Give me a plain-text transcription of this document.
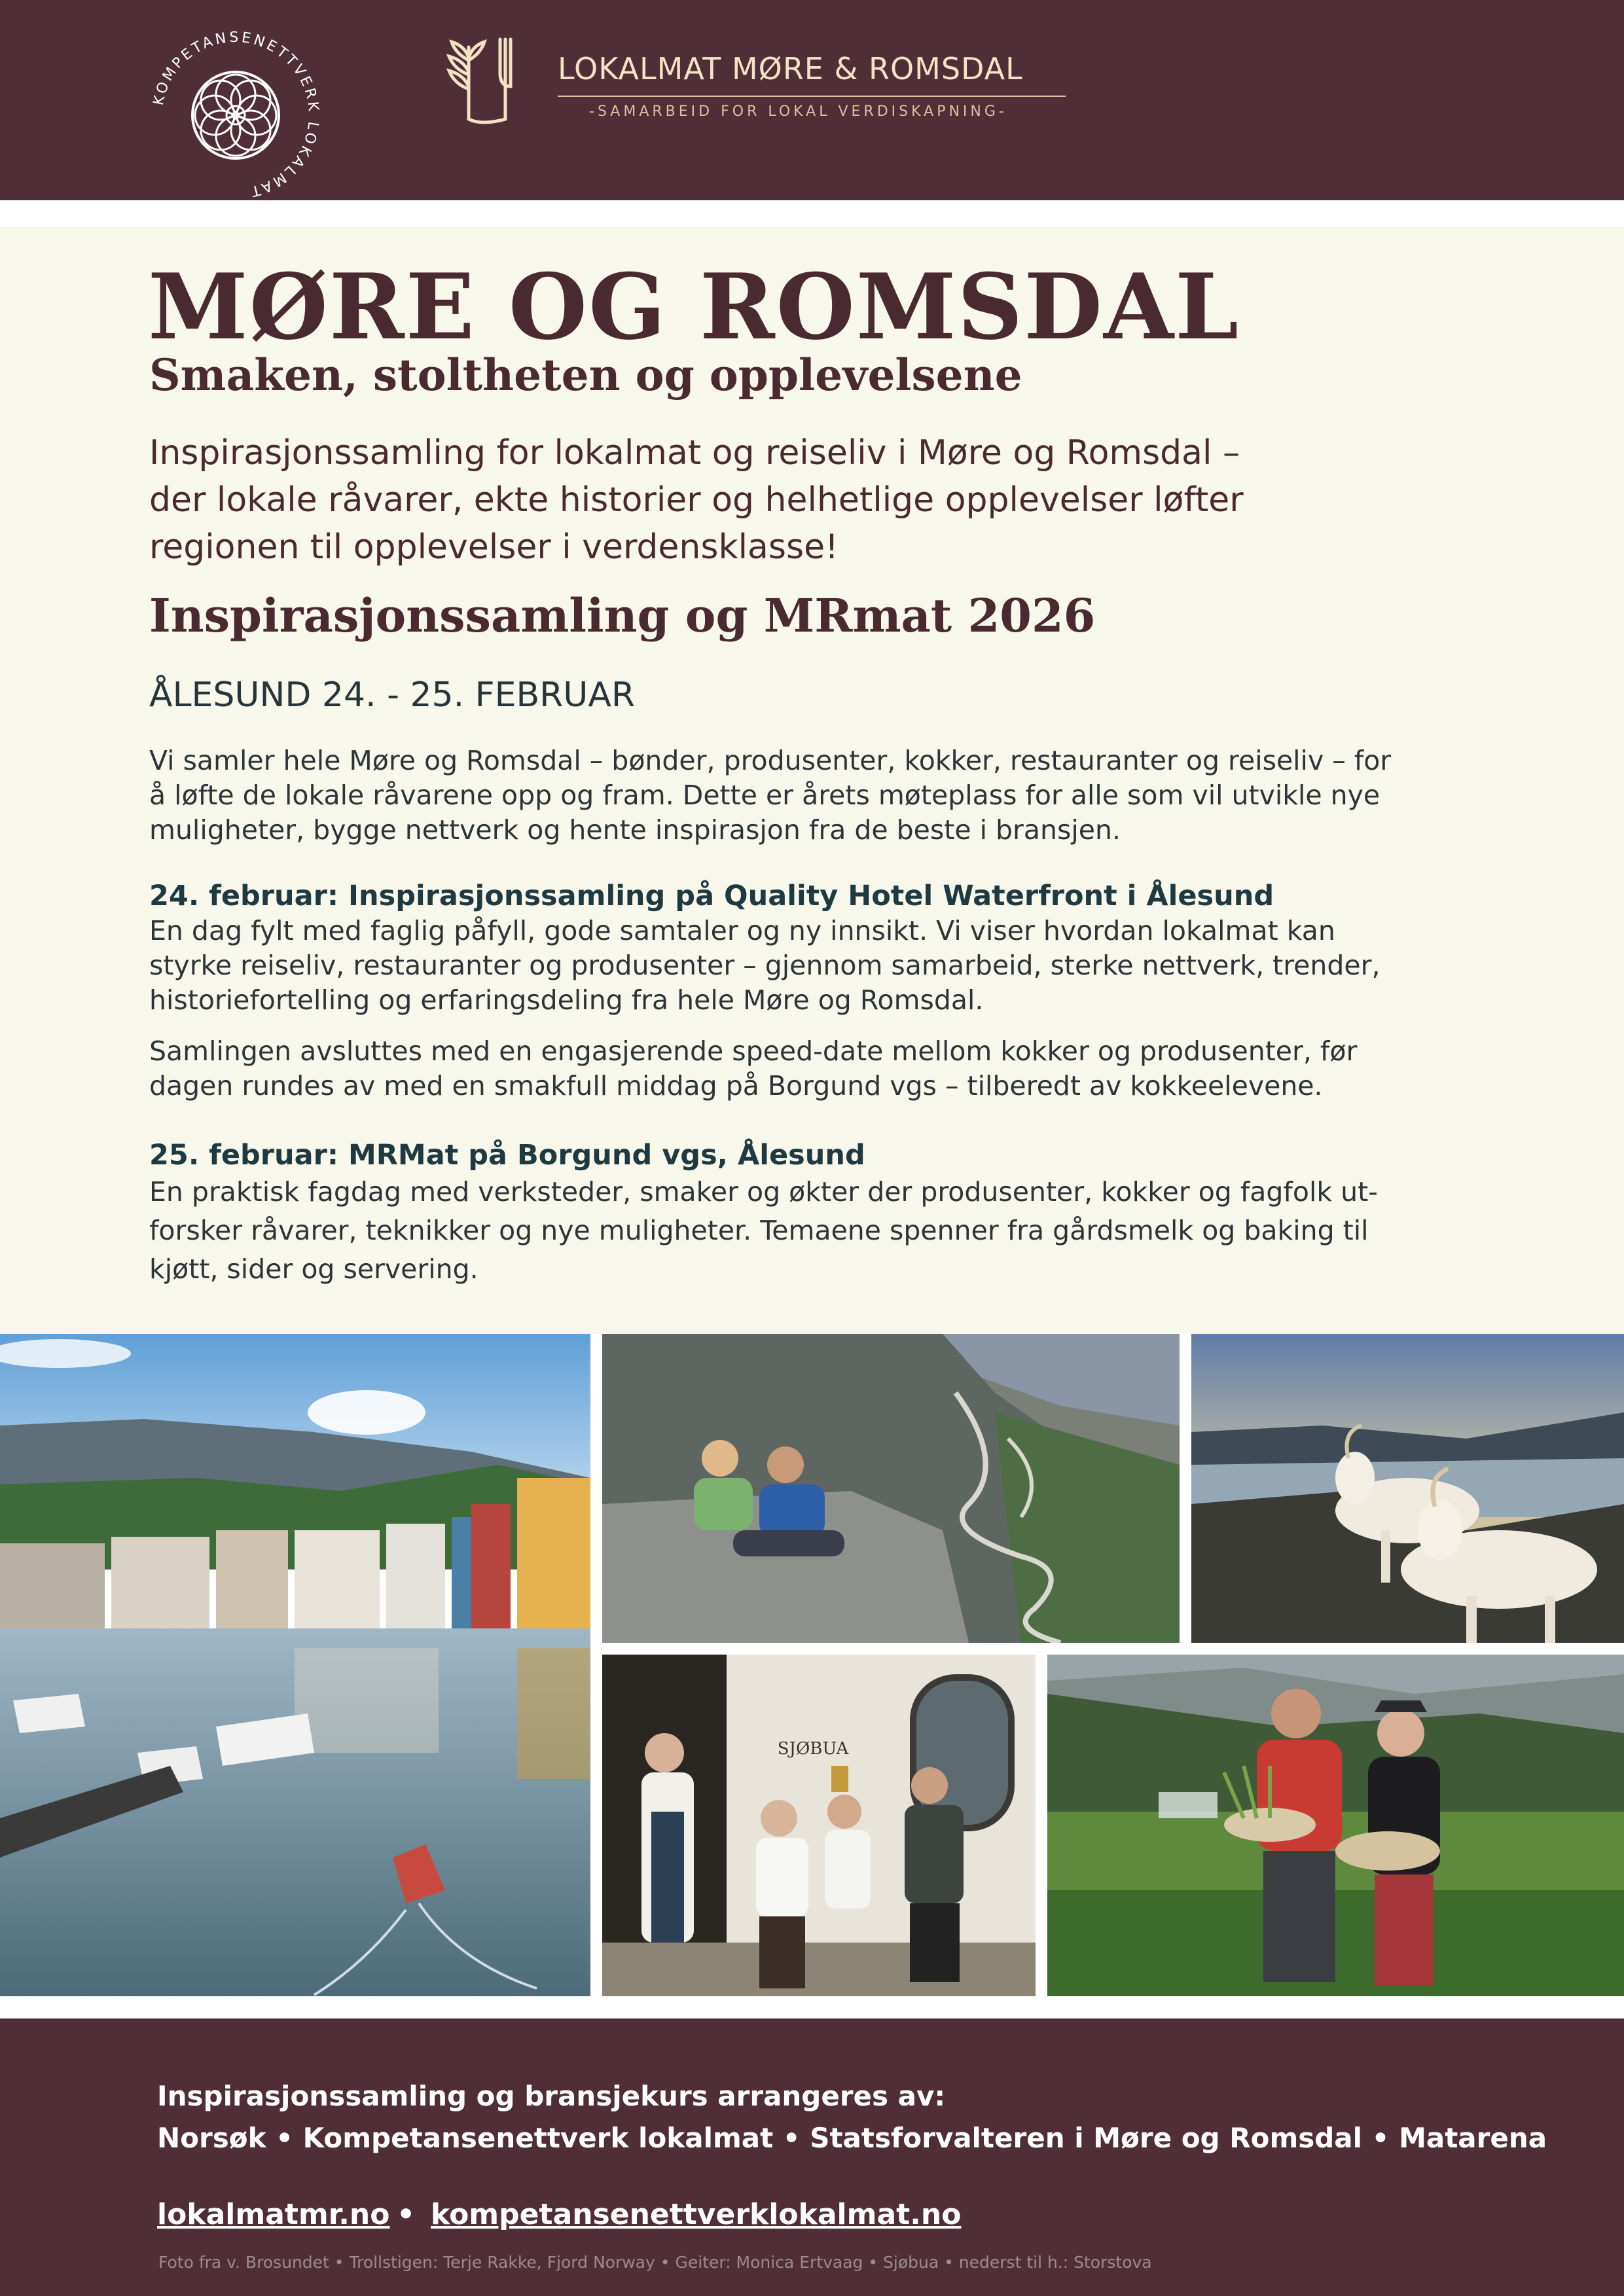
KOMPETANSENETTVERK LOKALMAT
LOKALMAT MØRE & ROMSDAL
-SAMARBEID FOR LOKAL VERDISKAPNING-
MØRE OG ROMSDAL
Smaken, stoltheten og opplevelsene
Inspirasjonssamling for lokalmat og reiseliv i Møre og Romsdal –
der lokale råvarer, ekte historier og helhetlige opplevelser løfter
regionen til opplevelser i verdensklasse!
Inspirasjonssamling og MRmat 2026
ÅLESUND 24. - 25. FEBRUAR
Vi samler hele Møre og Romsdal – bønder, produsenter, kokker, restauranter og reiseliv – for
å løfte de lokale råvarene opp og fram. Dette er årets møteplass for alle som vil utvikle nye
muligheter, bygge nettverk og hente inspirasjon fra de beste i bransjen.
24. februar: Inspirasjonssamling på Quality Hotel Waterfront i Ålesund
En dag fylt med faglig påfyll, gode samtaler og ny innsikt. Vi viser hvordan lokalmat kan
styrke reiseliv, restauranter og produsenter – gjennom samarbeid, sterke nettverk, trender,
historiefortelling og erfaringsdeling fra hele Møre og Romsdal.
Samlingen avsluttes med en engasjerende speed-date mellom kokker og produsenter, før
dagen rundes av med en smakfull middag på Borgund vgs – tilberedt av kokkeelevene.
25. februar: MRMat på Borgund vgs, Ålesund
En praktisk fagdag med verksteder, smaker og økter der produsenter, kokker og fagfolk ut-
forsker råvarer, teknikker og nye muligheter. Temaene spenner fra gårdsmelk og baking til
kjøtt, sider og servering.
SJØBUA
Inspirasjonssamling og bransjekurs arrangeres av:
Norsøk • Kompetansenettverk lokalmat • Statsforvalteren i Møre og Romsdal • Matarena
lokalmatmr.no • kompetansenettverklokalmat.no
Foto fra v. Brosundet • Trollstigen: Terje Rakke, Fjord Norway • Geiter: Monica Ertvaag • Sjøbua • nederst til h.: Storstova
